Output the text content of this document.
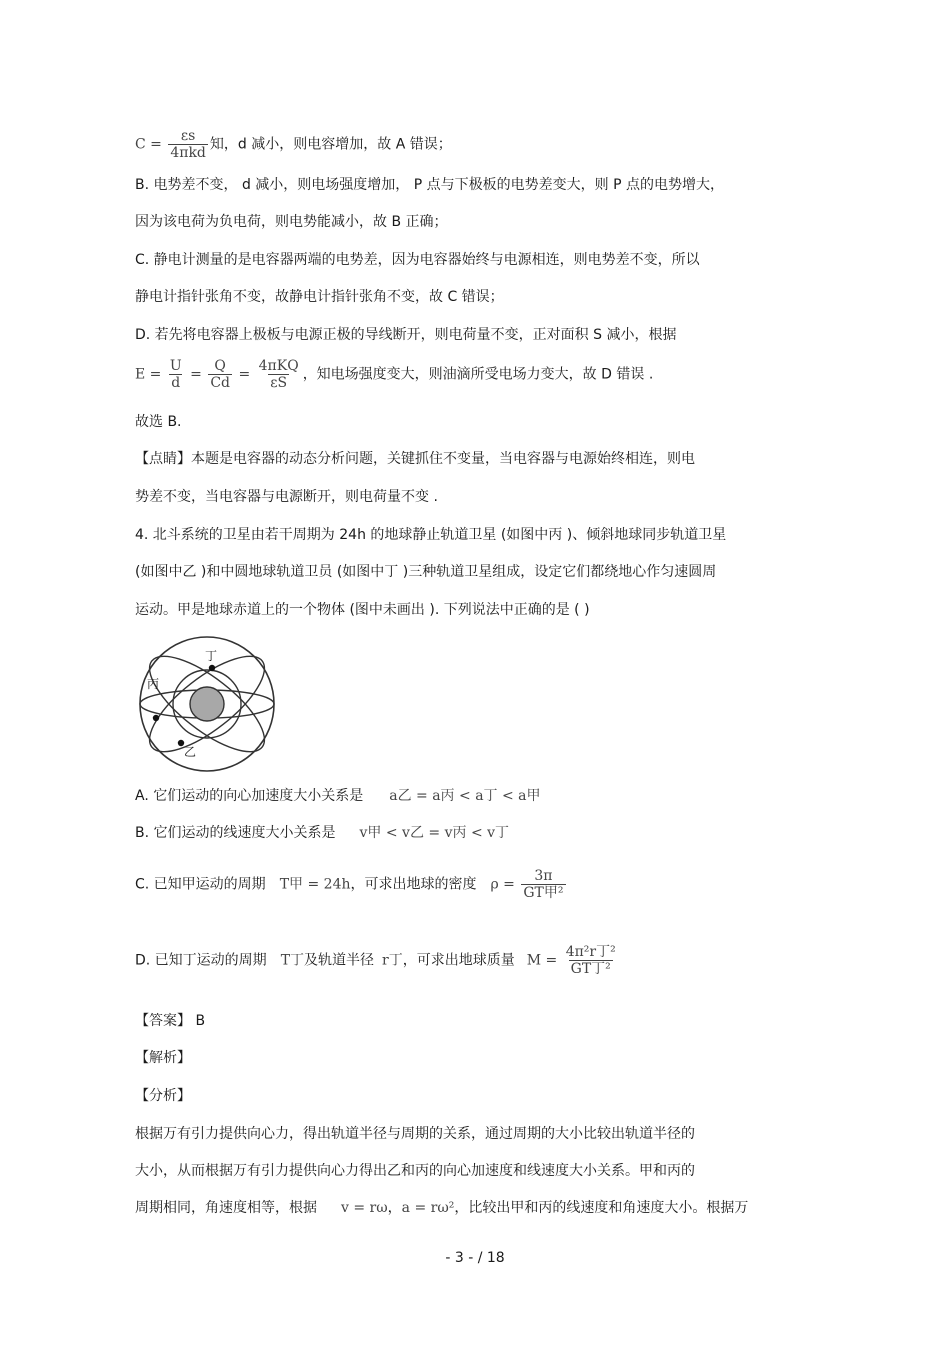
$C = \frac{\varepsilon s}{\text{4πkd}}$ 知，d 减小，则电容增加，故 A 错误；
B. 电势差不变， d 减小，则电场强度增加， P 点与下极板的电势差变大，则 P 点的电势增大，
因为该电荷为负电荷，则电势能减小，故 B 正确；
C. 静电计测量的是电容器两端的电势差，因为电容器始终与电源相连，则电势差不变，所以
静电计指针张角不变，故静电计指针张角不变，故 C 错误；
D. 若先将电容器上极板与电源正极的导线断开，则电荷量不变，正对面积 S 减小，根据
$E = \frac{U}{d} = \frac{Q}{Cd} = \frac{\text{4πKQ}}{\varepsilon S}$ ，知电场强度变大，则油滴所受电场力变大，故 D 错误 .
故选 B.
【点睛】本题是电容器的动态分析问题，关键抓住不变量，当电容器与电源始终相连，则电
势差不变，当电容器与电源断开，则电荷量不变 .
4. 北斗系统的卫星由若干周期为 24h 的地球静止轨道卫星 (如图中丙 )、倾斜地球同步轨道卫星
(如图中乙 )和中圆地球轨道卫员 (如图中丁 )三种轨道卫星组成，设定它们都绕地心作匀速圆周
运动。甲是地球赤道上的一个物体 (图中未画出 ). 下列说法中正确的是 ( )
丁
丙
乙
A. 它们运动的向心加速度大小关系是 a乙 = a丙 < a丁 < a甲
B. 它们运动的线速度大小关系是 v甲 < v乙 = v丙 < v丁
C. 已知甲运动的周期 T甲 = 24h，可求出地球的密度 $\rho = \frac{3\pi}{\text{GT甲²}}$
D. 已知丁运动的周期 T丁及轨道半径 r丁，可求出地球质量 $M = \frac{\text{4π²r丁²}}{\text{GT丁²}}$
【答案】 B
【解析】
【分析】
根据万有引力提供向心力，得出轨道半径与周期的关系，通过周期的大小比较出轨道半径的
大小，从而根据万有引力提供向心力得出乙和丙的向心加速度和线速度大小关系。甲和丙的
周期相同，角速度相等，根据 v = rω，a = rω²，比较出甲和丙的线速度和角速度大小。根据万
- 3 - / 18
